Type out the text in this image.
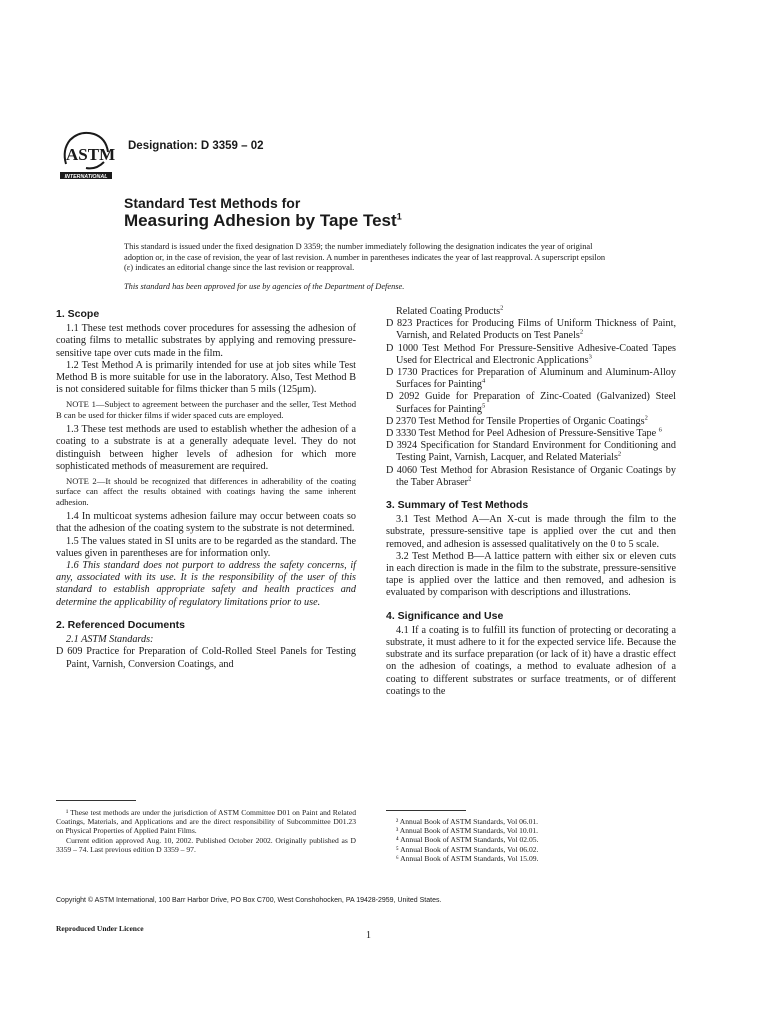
ASTM
INTERNATIONAL
Designation: D 3359 – 02
Standard Test Methods for
Measuring Adhesion by Tape Test$^1$
This standard is issued under the fixed designation D 3359; the number immediately following the designation indicates the year of original adoption or, in the case of revision, the year of last revision. A number in parentheses indicates the year of last reapproval. A superscript epsilon (ε) indicates an editorial change since the last revision or reapproval.
This standard has been approved for use by agencies of the Department of Defense.

1. Scope

1.1 These test methods cover procedures for assessing the adhesion of coating films to metallic substrates by applying and removing pressure-sensitive tape over cuts made in the film.

1.2 Test Method A is primarily intended for use at job sites while Test Method B is more suitable for use in the laboratory. Also, Test Method B is not considered suitable for films thicker than 5 mils (125μm).

NOTE 1—Subject to agreement between the purchaser and the seller, Test Method B can be used for thicker films if wider spaced cuts are employed.

1.3 These test methods are used to establish whether the adhesion of a coating to a substrate is at a generally adequate level. They do not distinguish between higher levels of adhesion for which more sophisticated methods of measurement are required.

NOTE 2—It should be recognized that differences in adherability of the coating surface can affect the results obtained with coatings having the same inherent adhesion.

1.4 In multicoat systems adhesion failure may occur between coats so that the adhesion of the coating system to the substrate is not determined.

1.5 The values stated in SI units are to be regarded as the standard. The values given in parentheses are for information only.

1.6 This standard does not purport to address the safety concerns, if any, associated with its use. It is the responsibility of the user of this standard to establish appropriate safety and health practices and determine the applicability of regulatory limitations prior to use.

2. Referenced Documents

2.1 ASTM Standards:

D 609 Practice for Preparation of Cold-Rolled Steel Panels for Testing Paint, Varnish, Conversion Coatings, and

¹ These test methods are under the jurisdiction of ASTM Committee D01 on Paint and Related Coatings, Materials, and Applications and are the direct responsibility of Subcommittee D01.23 on Physical Properties of Applied Paint Films.
Current edition approved Aug. 10, 2002. Published October 2002. Originally published as D 3359 – 74. Last previous edition D 3359 – 97.

Related Coating Products$^2$

D 823 Practices for Producing Films of Uniform Thickness of Paint, Varnish, and Related Products on Test Panels$^2$

D 1000 Test Method For Pressure-Sensitive Adhesive-Coated Tapes Used for Electrical and Electronic Applications$^3$

D 1730 Practices for Preparation of Aluminum and Aluminum-Alloy Surfaces for Painting$^4$

D 2092 Guide for Preparation of Zinc-Coated (Galvanized) Steel Surfaces for Painting$^5$

D 2370 Test Method for Tensile Properties of Organic Coatings$^2$

D 3330 Test Method for Peel Adhesion of Pressure-Sensitive Tape $^6$

D 3924 Specification for Standard Environment for Conditioning and Testing Paint, Varnish, Lacquer, and Related Materials$^2$

D 4060 Test Method for Abrasion Resistance of Organic Coatings by the Taber Abraser$^2$

3. Summary of Test Methods

3.1 Test Method A—An X-cut is made through the film to the substrate, pressure-sensitive tape is applied over the cut and then removed, and adhesion is assessed qualitatively on the 0 to 5 scale.

3.2 Test Method B—A lattice pattern with either six or eleven cuts in each direction is made in the film to the substrate, pressure-sensitive tape is applied over the lattice and then removed, and adhesion is evaluated by comparison with descriptions and illustrations.

4. Significance and Use

4.1 If a coating is to fulfill its function of protecting or decorating a substrate, it must adhere to it for the expected service life. Because the substrate and its surface preparation (or lack of it) have a drastic effect on the adhesion of coatings, a method to evaluate adhesion of a coating to different substrates or surface treatments, or of different coatings to the

² Annual Book of ASTM Standards, Vol 06.01.
³ Annual Book of ASTM Standards, Vol 10.01.
⁴ Annual Book of ASTM Standards, Vol 02.05.
⁵ Annual Book of ASTM Standards, Vol 06.02.
⁶ Annual Book of ASTM Standards, Vol 15.09.
Copyright © ASTM International, 100 Barr Harbor Drive, PO Box C700, West Conshohocken, PA 19428-2959, United States.
Reproduced Under Licence
1
